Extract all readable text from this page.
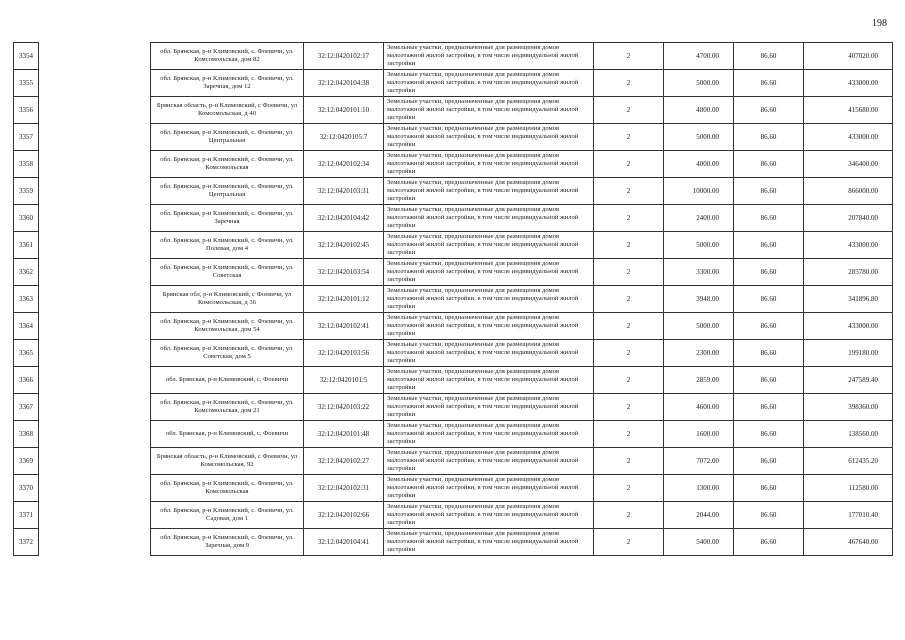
198
3354		обл. Брянская, р-н Климовский, с. Фоевичи, ул. Комсомольская, дом 82	32:12:0420102:17	Земельные участки, предназначенные для размещения домов малоэтажной жилой застройки, в том числе индивидуальной жилой застройки	2	4700.00	86.60	407020.00
3355		обл. Брянская, р-н Климовский, с. Фоевичи, ул. Заречная, дом 12	32:12:0420104:38	Земельные участки, предназначенные для размещения домов малоэтажной жилой застройки, в том числе индивидуальной жилой застройки	2	5000.00	86.60	433000.00
3356		Брянская область, р-н Климовский, с Фоевичи, ул Комсомольская, д 40	32:12:0420101:10	Земельные участки, предназначенные для размещения домов малоэтажной жилой застройки, в том числе индивидуальной жилой застройки	2	4800.00	86.60	415680.00
3357		обл. Брянская, р-н Климовский, с. Фоевичи, ул. Центральная	32:12:0420105:7	Земельные участки, предназначенные для размещения домов малоэтажной жилой застройки, в том числе индивидуальной жилой застройки	2	5000.00	86.60	433000.00
3358		обл. Брянская, р-н Климовский, с. Фоевичи, ул. Комсомольская	32:12:0420102:34	Земельные участки, предназначенные для размещения домов малоэтажной жилой застройки, в том числе индивидуальной жилой застройки	2	4000.00	86.60	346400.00
3359		обл. Брянская, р-н Климовский, с. Фоевичи, ул. Центральная	32:12:0420103:31	Земельные участки, предназначенные для размещения домов малоэтажной жилой застройки, в том числе индивидуальной жилой застройки	2	10000.00	86.60	866000.00
3360		обл. Брянская, р-н Климовский, с. Фоевичи, ул. Заречная	32:12:0420104:42	Земельные участки, предназначенные для размещения домов малоэтажной жилой застройки, в том числе индивидуальной жилой застройки	2	2400.00	86.60	207840.00
3361		обл. Брянская, р-н Климовский, с. Фоевичи, ул. Полевая, дом 4	32:12:0420102:45	Земельные участки, предназначенные для размещения домов малоэтажной жилой застройки, в том числе индивидуальной жилой застройки	2	5000.00	86.60	433000.00
3362		обл. Брянская, р-н Климовский, с. Фоевичи, ул. Советская	32:12:0420103:54	Земельные участки, предназначенные для размещения домов малоэтажной жилой застройки, в том числе индивидуальной жилой застройки	2	3300.00	86.60	285780.00
3363		Брянская обл, р-н Климовский, с Фоевичи, ул Комсомольская, д 36	32:12:0420101:12	Земельные участки, предназначенные для размещения домов малоэтажной жилой застройки, в том числе индивидуальной жилой застройки	2	3948.00	86.60	341896.80
3364		обл. Брянская, р-н Климовский, с. Фоевичи, ул. Комсомольская, дом 54	32:12:0420102:41	Земельные участки, предназначенные для размещения домов малоэтажной жилой застройки, в том числе индивидуальной жилой застройки	2	5000.00	86.60	433000.00
3365		обл. Брянская, р-н Климовский, с. Фоевичи, ул. Советская, дом 5	32:12:0420103:56	Земельные участки, предназначенные для размещения домов малоэтажной жилой застройки, в том числе индивидуальной жилой застройки	2	2300.00	86.60	199180.00
3366		обл. Брянская, р-н Климовский, с. Фоевичи	32:12:0420101:5	Земельные участки, предназначенные для размещения домов малоэтажной жилой застройки, в том числе индивидуальной жилой застройки	2	2859.00	86.60	247589.40
3367		обл. Брянская, р-н Климовский, с. Фоевичи, ул. Комсомольская, дом 21	32:12:0420103:22	Земельные участки, предназначенные для размещения домов малоэтажной жилой застройки, в том числе индивидуальной жилой застройки	2	4600.00	86.60	398360.00
3368		обл. Брянская, р-н Климовский, с. Фоевичи	32:12:0420101:48	Земельные участки, предназначенные для размещения домов малоэтажной жилой застройки, в том числе индивидуальной жилой застройки	2	1600.00	86.60	138560.00
3369		Брянская область, р-н Климовский, с Фоевичи, ул Комсомольская, 92	32:12:0420102:27	Земельные участки, предназначенные для размещения домов малоэтажной жилой застройки, в том числе индивидуальной жилой застройки	2	7072.00	86.60	612435.20
3370		обл. Брянская, р-н Климовский, с. Фоевичи, ул. Комсомольская	32:12:0420102:31	Земельные участки, предназначенные для размещения домов малоэтажной жилой застройки, в том числе индивидуальной жилой застройки	2	1300.00	86.60	112580.00
3371		обл. Брянская, р-н Климовский, с. Фоевичи, ул. Садовая, дом 1	32:12:0420102:66	Земельные участки, предназначенные для размещения домов малоэтажной жилой застройки, в том числе индивидуальной жилой застройки	2	2044.00	86.60	177010.40
3372		обл. Брянская, р-н Климовский, с. Фоевичи, ул. Заречная, дом 9	32:12:0420104:41	Земельные участки, предназначенные для размещения домов малоэтажной жилой застройки, в том числе индивидуальной жилой застройки	2	5400.00	86.60	467640.00
